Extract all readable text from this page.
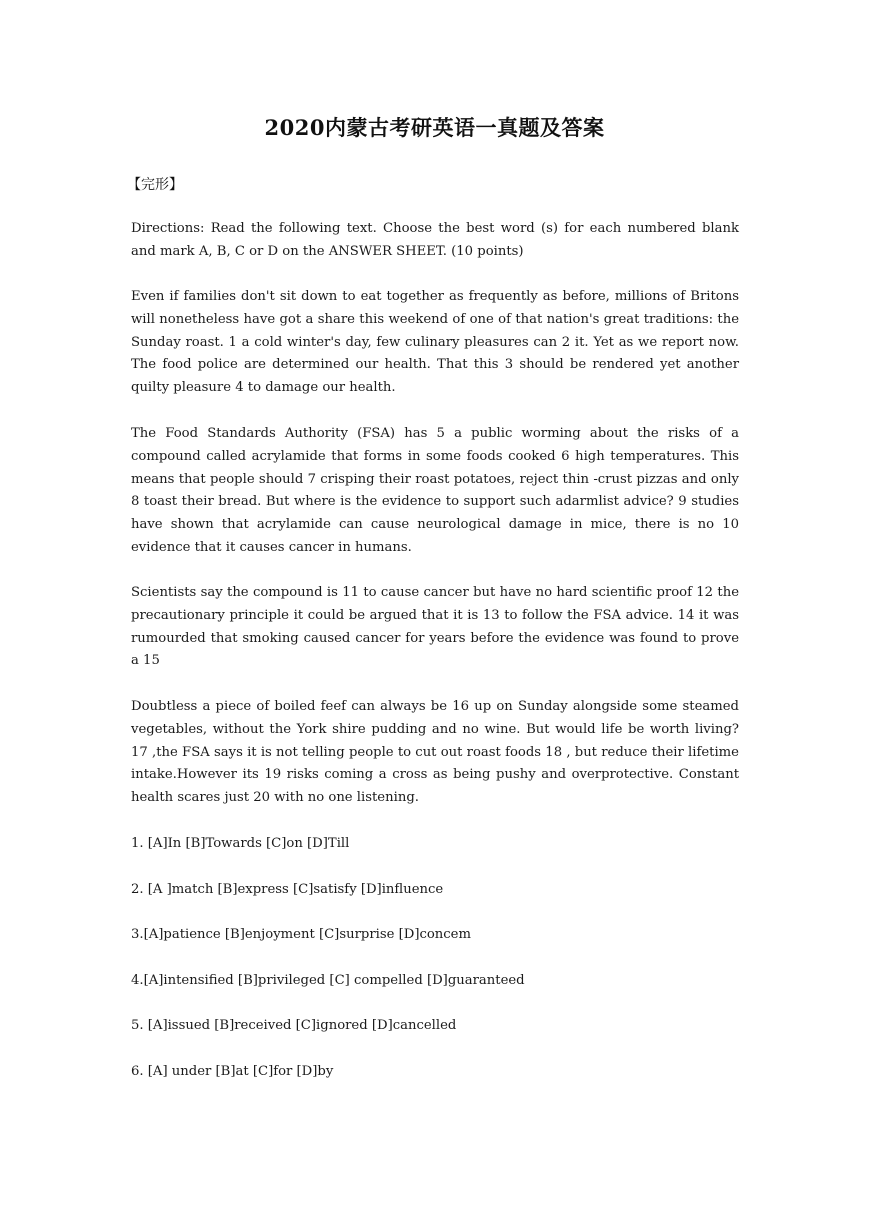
2020内蒙古考研英语一真题及答案
【完形】

Directions: Read the following text. Choose the best word (s) for each numbered blank and mark A, B, C or D on the ANSWER SHEET. (10 points)

Even if families don't sit down to eat together as frequently as before, millions of Britons will nonetheless have got a share this weekend of one of that nation's great traditions: the Sunday roast. 1 a cold winter's day, few culinary pleasures can 2 it. Yet as we report now. The food police are determined our health. That this 3 should be rendered yet another quilty pleasure 4 to damage our health.

The Food Standards Authority (FSA) has 5 a public worming about the risks of a compound called acrylamide that forms in some foods cooked 6 high temperatures. This means that people should 7 crisping their roast potatoes, reject thin -crust pizzas and only 8 toast their bread. But where is the evidence to support such adarmlist advice? 9 studies have shown that acrylamide can cause neurological damage in mice, there is no 10 evidence that it causes cancer in humans.

Scientists say the compound is 11 to cause cancer but have no hard scientific proof 12 the precautionary principle it could be argued that it is 13 to follow the FSA advice. 14 it was rumourded that smoking caused cancer for years before the evidence was found to prove a 15

Doubtless a piece of boiled feef can always be 16 up on Sunday alongside some steamed vegetables, without the York shire pudding and no wine. But would life be worth living? 17 ,the FSA says it is not telling people to cut out roast foods 18 , but reduce their lifetime intake.However its 19 risks coming a cross as being pushy and overprotective. Constant health scares just 20 with no one listening.

1. [A]In [B]Towards [C]on [D]Till
2. [A ]match [B]express [C]satisfy [D]influence
3.[A]patience [B]enjoyment [C]surprise [D]concem
4.[A]intensified [B]privileged [C] compelled [D]guaranteed
5. [A]issued [B]received [C]ignored [D]cancelled
6. [A] under [B]at [C]for [D]by
